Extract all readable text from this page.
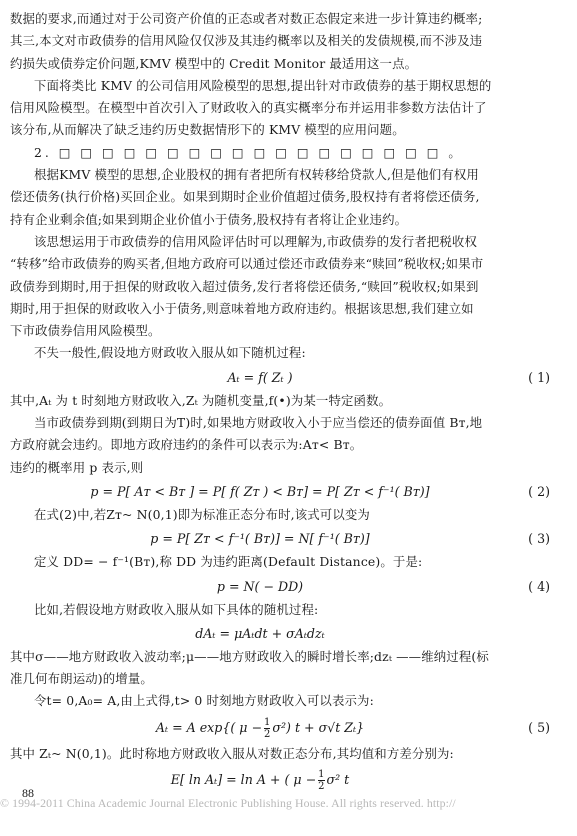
数据的要求,而通过对于公司资产价值的正态或者对数正态假定来进一步计算违约概率;
其三,本文对市政债券的信用风险仅仅涉及其违约概率以及相关的发债规模,而不涉及违
约损失或债券定价问题,KMV 模型中的 Credit Monitor 最适用这一点。
下面将类比 KMV 的公司信用风险模型的思想,提出针对市政债券的基于期权思想的
信用风险模型。在模型中首次引入了财政收入的真实概率分布并运用非参数方法估计了
该分布,从而解决了缺乏违约历史数据情形下的 KMV 模型的应用问题。
2. □ □ □ □ □ □ □ □ □ □ □ □ □ □ □ □ □ □ 。
根据KMV 模型的思想,企业股权的拥有者把所有权转移给贷款人,但是他们有权用
偿还债务(执行价格)买回企业。如果到期时企业价值超过债务,股权持有者将偿还债务,
持有企业剩余值;如果到期企业价值小于债务,股权持有者将让企业违约。
该思想运用于市政债券的信用风险评估时可以理解为,市政债券的发行者把税收权
“转移”给市政债券的购买者,但地方政府可以通过偿还市政债券来“赎回”税收权;如果市
政债券到期时,用于担保的财政收入超过债务,发行者将偿还债务,“赎回”税收权;如果到
期时,用于担保的财政收入小于债务,则意味着地方政府违约。根据该思想,我们建立如
下市政债券信用风险模型。
不失一般性,假设地方财政收入服从如下随机过程:
Aₜ = f( Zₜ )	( 1)
其中,Aₜ 为 t 时刻地方财政收入,Zₜ 为随机变量,f(•)为某一特定函数。
当市政债券到期(到期日为T)时,如果地方财政收入小于应当偿还的债券面值 Bᴛ,地
方政府就会违约。即地方政府违约的条件可以表示为:Aᴛ< Bᴛ。
违约的概率用 p 表示,则
p = P[ Aᴛ < Bᴛ ] = P[ f( Zᴛ ) < Bᴛ] = P[ Zᴛ < f⁻¹( Bᴛ)]	( 2)
在式(2)中,若Zᴛ~ N(0,1)即为标准正态分布时,该式可以变为
p = P[ Zᴛ < f⁻¹( Bᴛ)] = N[ f⁻¹( Bᴛ)]	( 3)
定义 DD= − f⁻¹(Bᴛ),称 DD 为违约距离(Default Distance)。于是:
p = N( − DD)	( 4)
比如,若假设地方财政收入服从如下具体的随机过程:
dAₜ = μAₜdt + σAₜdzₜ
其中σ——地方财政收入波动率;μ——地方财政收入的瞬时增长率;dzₜ ——维纳过程(标
准几何布朗运动)的增量。
令t= 0,A₀= A,由上式得,t> 0 时刻地方财政收入可以表示为:
Aₜ = A exp{( $\mu - \frac{1}{2} \sigma^2$) t + σ√t Zₜ}	( 5)
其中 Zₜ~ N(0,1)。此时称地方财政收入服从对数正态分布,其均值和方差分别为:
E[ ln Aₜ] = ln A + ( $\mu - \frac{1}{2} \sigma^2$ t
88
© 1994-2011 China Academic Journal Electronic Publishing House. All rights reserved. http://
